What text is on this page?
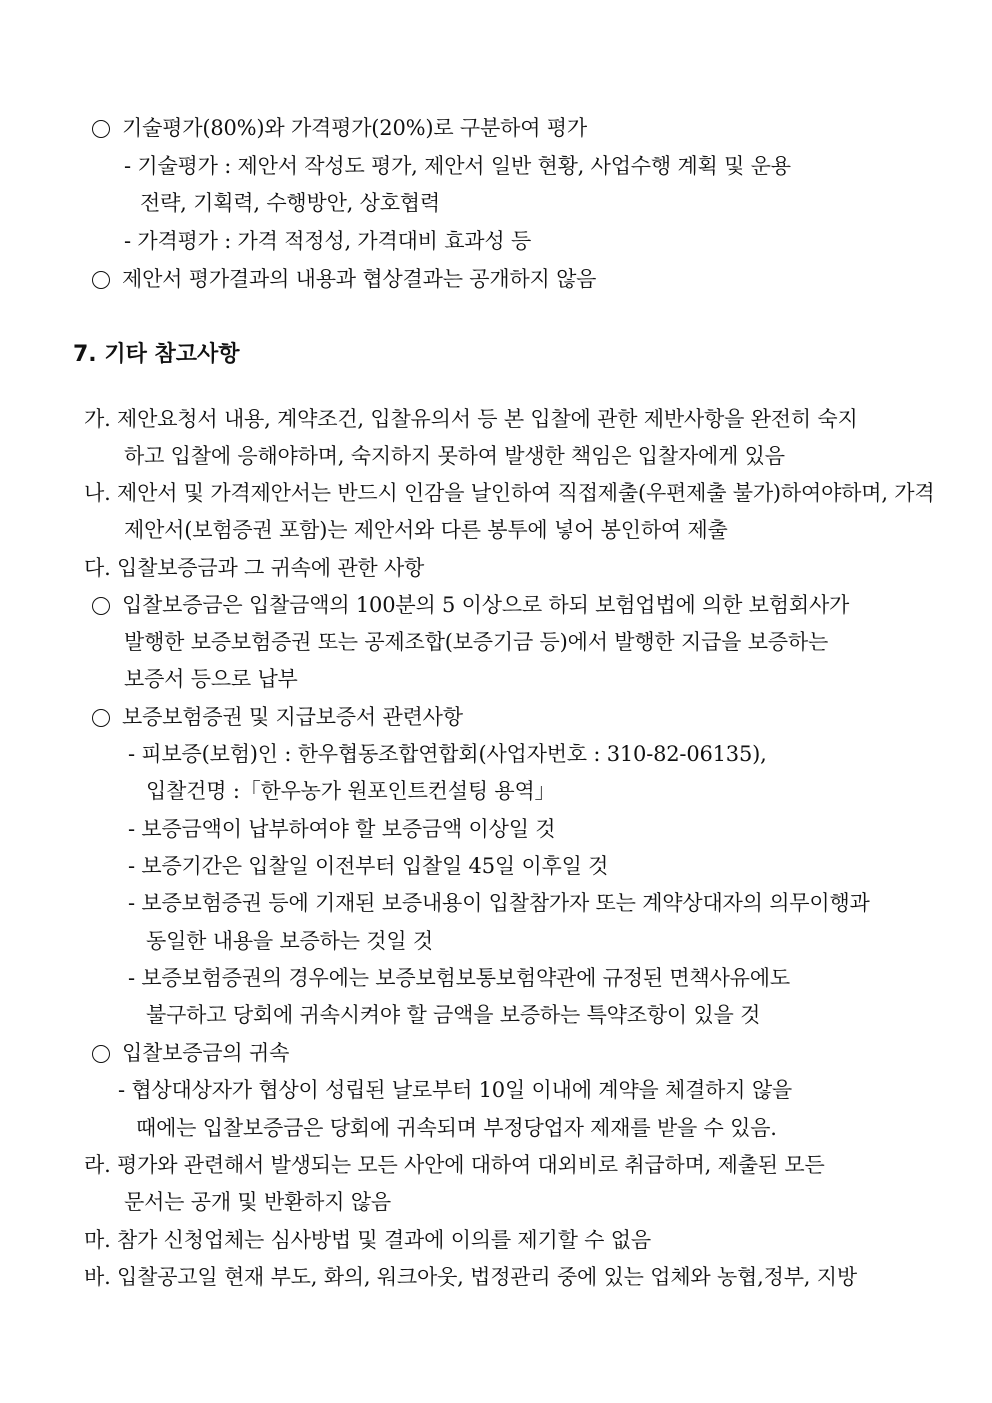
기술평가(80%)와 가격평가(20%)로 구분하여 평가
- 기술평가 : 제안서 작성도 평가, 제안서 일반 현황, 사업수행 계획 및 운용
전략, 기획력, 수행방안, 상호협력
- 가격평가 : 가격 적정성, 가격대비 효과성 등
제안서 평가결과의 내용과 협상결과는 공개하지 않음
7. 기타 참고사항
가. 제안요청서 내용, 계약조건, 입찰유의서 등 본 입찰에 관한 제반사항을 완전히 숙지
하고 입찰에 응해야하며, 숙지하지 못하여 발생한 책임은 입찰자에게 있음
나. 제안서 및 가격제안서는 반드시 인감을 날인하여 직접제출(우편제출 불가)하여야하며, 가격
제안서(보험증권 포함)는 제안서와 다른 봉투에 넣어 봉인하여 제출
다. 입찰보증금과 그 귀속에 관한 사항
입찰보증금은 입찰금액의 100분의 5 이상으로 하되 보험업법에 의한 보험회사가
발행한 보증보험증권 또는 공제조합(보증기금 등)에서 발행한 지급을 보증하는
보증서 등으로 납부
보증보험증권 및 지급보증서 관련사항
- 피보증(보험)인 : 한우협동조합연합회(사업자번호 : 310-82-06135),
입찰건명 :「한우농가 원포인트컨설팅 용역」
- 보증금액이 납부하여야 할 보증금액 이상일 것
- 보증기간은 입찰일 이전부터 입찰일 45일 이후일 것
- 보증보험증권 등에 기재된 보증내용이 입찰참가자 또는 계약상대자의 의무이행과
동일한 내용을 보증하는 것일 것
- 보증보험증권의 경우에는 보증보험보통보험약관에 규정된 면책사유에도
불구하고 당회에 귀속시켜야 할 금액을 보증하는 특약조항이 있을 것
입찰보증금의 귀속
- 협상대상자가 협상이 성립된 날로부터 10일 이내에 계약을 체결하지 않을
때에는 입찰보증금은 당회에 귀속되며 부정당업자 제재를 받을 수 있음.
라. 평가와 관련해서 발생되는 모든 사안에 대하여 대외비로 취급하며, 제출된 모든
문서는 공개 및 반환하지 않음
마. 참가 신청업체는 심사방법 및 결과에 이의를 제기할 수 없음
바. 입찰공고일 현재 부도, 화의, 워크아웃, 법정관리 중에 있는 업체와 농협,정부, 지방
